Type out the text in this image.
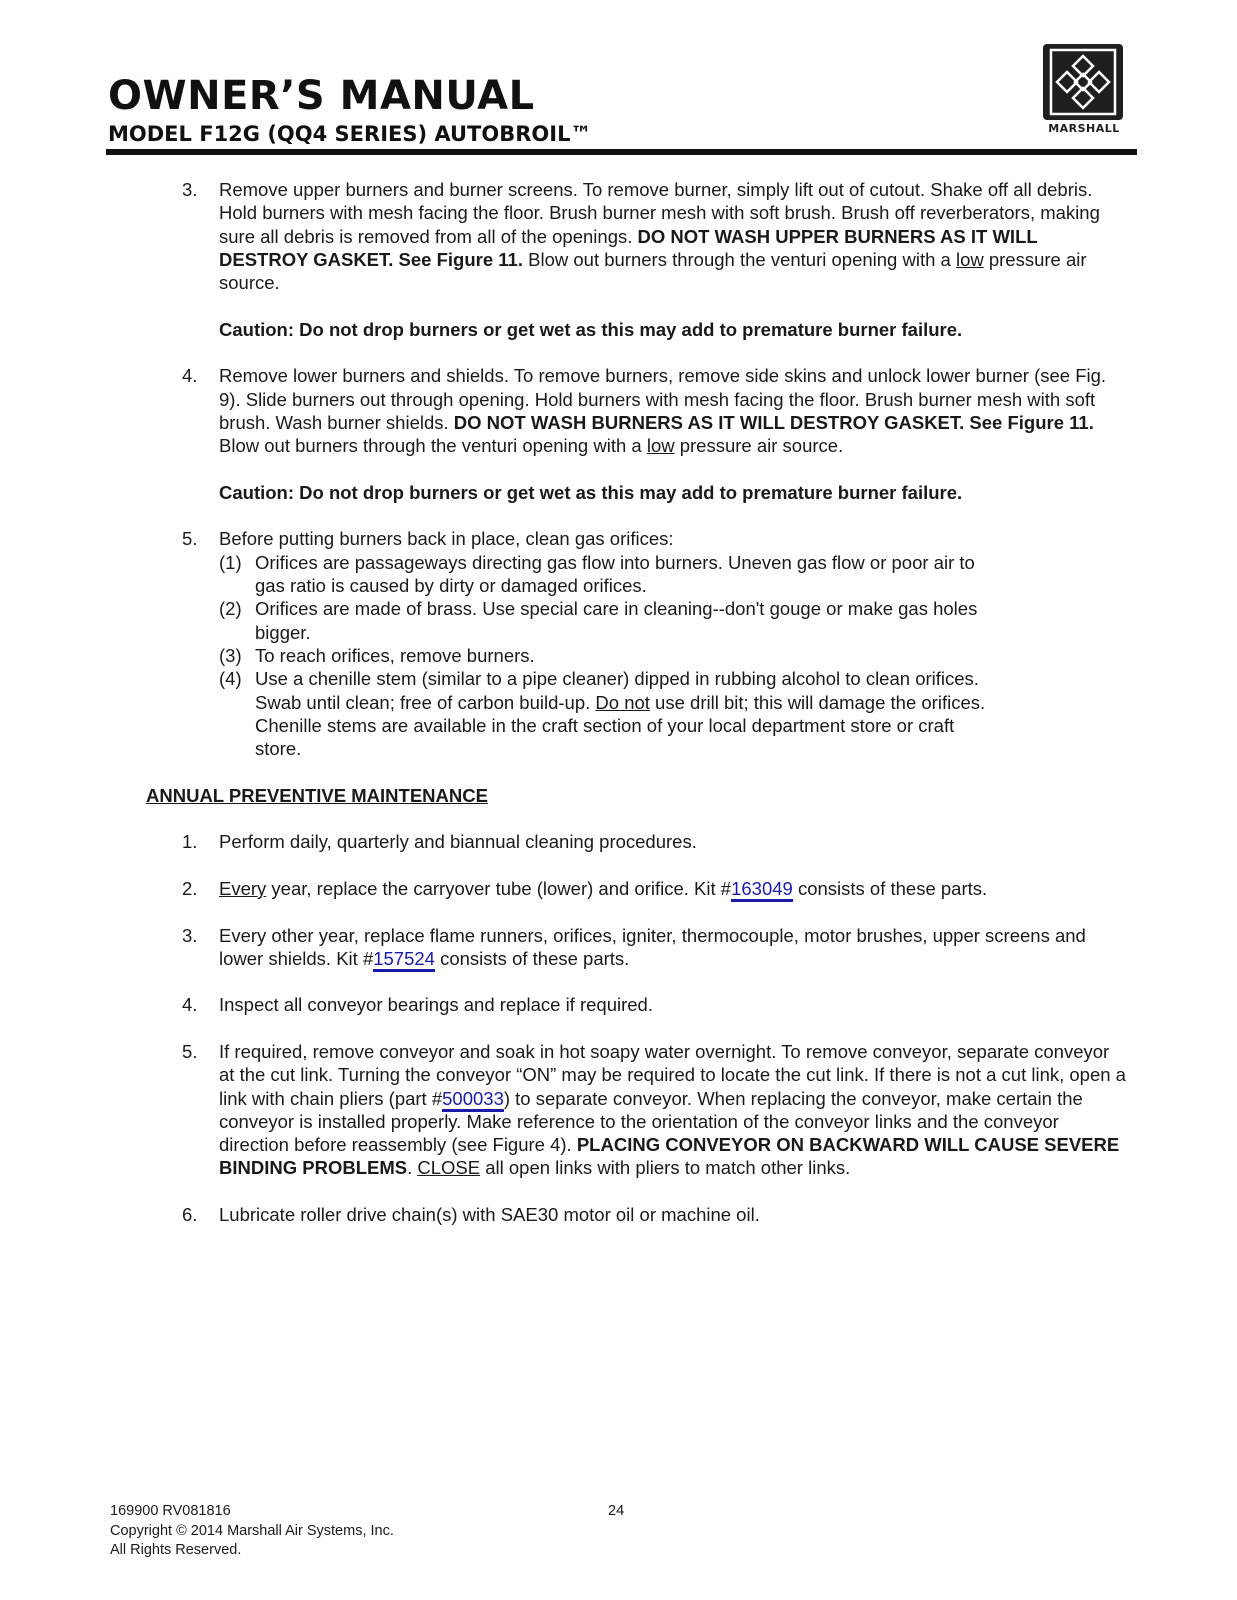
OWNER’S MANUAL
MODEL F12G (QQ4 SERIES) AUTOBROIL™	MARSHALL
3. Remove upper burners and burner screens. To remove burner, simply lift out of cutout. Shake off all debris. Hold burners with mesh facing the floor. Brush burner mesh with soft brush. Brush off reverberators, making sure all debris is removed from all of the openings. DO NOT WASH UPPER BURNERS AS IT WILL DESTROY GASKET. See Figure 11. Blow out burners through the venturi opening with a low pressure air source.
Caution: Do not drop burners or get wet as this may add to premature burner failure.
4. Remove lower burners and shields. To remove burners, remove side skins and unlock lower burner (see Fig. 9). Slide burners out through opening. Hold burners with mesh facing the floor. Brush burner mesh with soft brush. Wash burner shields. DO NOT WASH BURNERS AS IT WILL DESTROY GASKET. See Figure 11. Blow out burners through the venturi opening with a low pressure air source.
Caution: Do not drop burners or get wet as this may add to premature burner failure.
5. Before putting burners back in place, clean gas orifices:
(1) Orifices are passageways directing gas flow into burners. Uneven gas flow or poor air to gas ratio is caused by dirty or damaged orifices.
(2) Orifices are made of brass. Use special care in cleaning--don't gouge or make gas holes bigger.
(3) To reach orifices, remove burners.
(4) Use a chenille stem (similar to a pipe cleaner) dipped in rubbing alcohol to clean orifices. Swab until clean; free of carbon build-up. Do not use drill bit; this will damage the orifices. Chenille stems are available in the craft section of your local department store or craft store.
ANNUAL PREVENTIVE MAINTENANCE
1. Perform daily, quarterly and biannual cleaning procedures.
2. Every year, replace the carryover tube (lower) and orifice. Kit #163049 consists of these parts.
3. Every other year, replace flame runners, orifices, igniter, thermocouple, motor brushes, upper screens and lower shields. Kit #157524 consists of these parts.
4. Inspect all conveyor bearings and replace if required.
5. If required, remove conveyor and soak in hot soapy water overnight. To remove conveyor, separate conveyor at the cut link. Turning the conveyor “ON” may be required to locate the cut link. If there is not a cut link, open a link with chain pliers (part #500033) to separate conveyor. When replacing the conveyor, make certain the conveyor is installed properly. Make reference to the orientation of the conveyor links and the conveyor direction before reassembly (see Figure 4). PLACING CONVEYOR ON BACKWARD WILL CAUSE SEVERE BINDING PROBLEMS. CLOSE all open links with pliers to match other links.
6. Lubricate roller drive chain(s) with SAE30 motor oil or machine oil.
169900 RV081816
Copyright © 2014 Marshall Air Systems, Inc.
All Rights Reserved.
24
